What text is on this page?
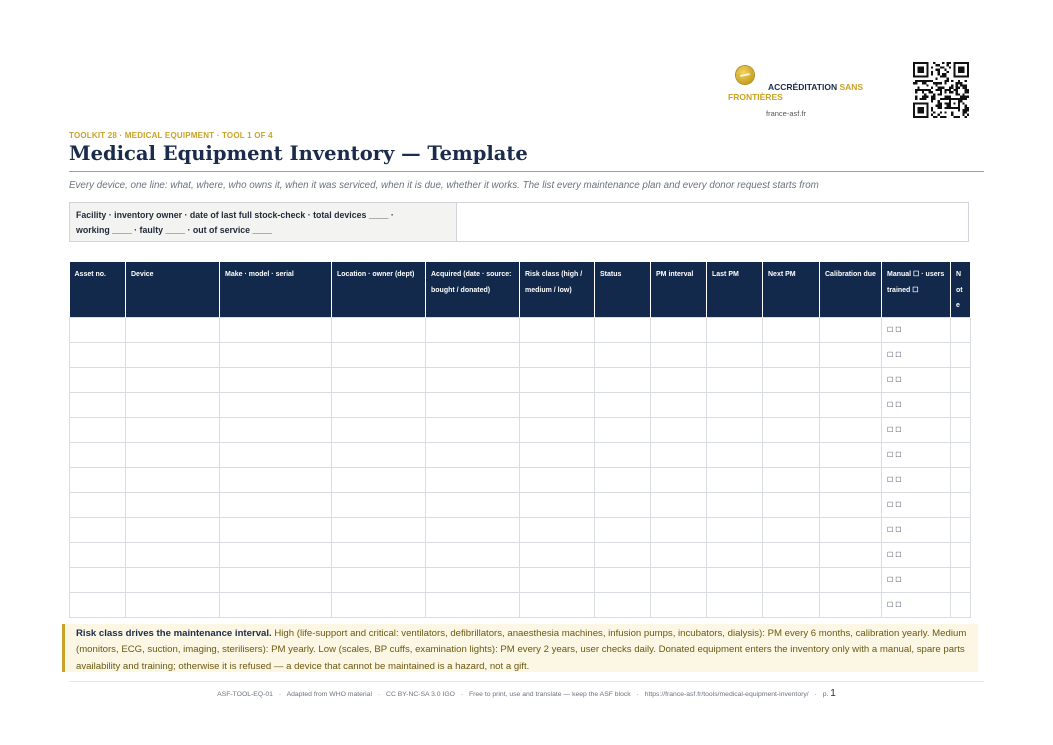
ACCRÉDITATION SANS
FRONTIÈRES
france-asf.fr
TOOLKIT 28 · MEDICAL EQUIPMENT · TOOL 1 OF 4
Medical Equipment Inventory — Template
Every device, one line: what, where, who owns it, when it was serviced, when it is due, whether it works. The list every maintenance plan and every donor request starts from
Facility · inventory owner · date of last full stock-check · total devices ____ ·
working ____ · faulty ____ · out of service ____
Asset no.	Device	Make · model · serial	Location · owner (dept)	Acquired (date · source: bought / donated)	Risk class (high / medium / low)	Status	PM interval	Last PM	Next PM	Calibration due	Manual ☐ · users trained ☐	Note
											☐ ☐	
											☐ ☐	
											☐ ☐	
											☐ ☐	
											☐ ☐	
											☐ ☐	
											☐ ☐	
											☐ ☐	
											☐ ☐	
											☐ ☐	
											☐ ☐	
											☐ ☐	
Risk class drives the maintenance interval. High (life-support and critical: ventilators, defibrillators, anaesthesia machines, infusion pumps, incubators, dialysis): PM every 6 months, calibration yearly. Medium (monitors, ECG, suction, imaging, sterilisers): PM yearly. Low (scales, BP cuffs, examination lights): PM every 2 years, user checks daily. Donated equipment enters the inventory only with a manual, spare parts availability and training; otherwise it is refused — a device that cannot be maintained is a hazard, not a gift.
ASF-TOOL-EQ-01 · Adapted from WHO material · CC BY-NC-SA 3.0 IGO · Free to print, use and translate — keep the ASF block · https://france-asf.fr/tools/medical-equipment-inventory/ · p. 1
